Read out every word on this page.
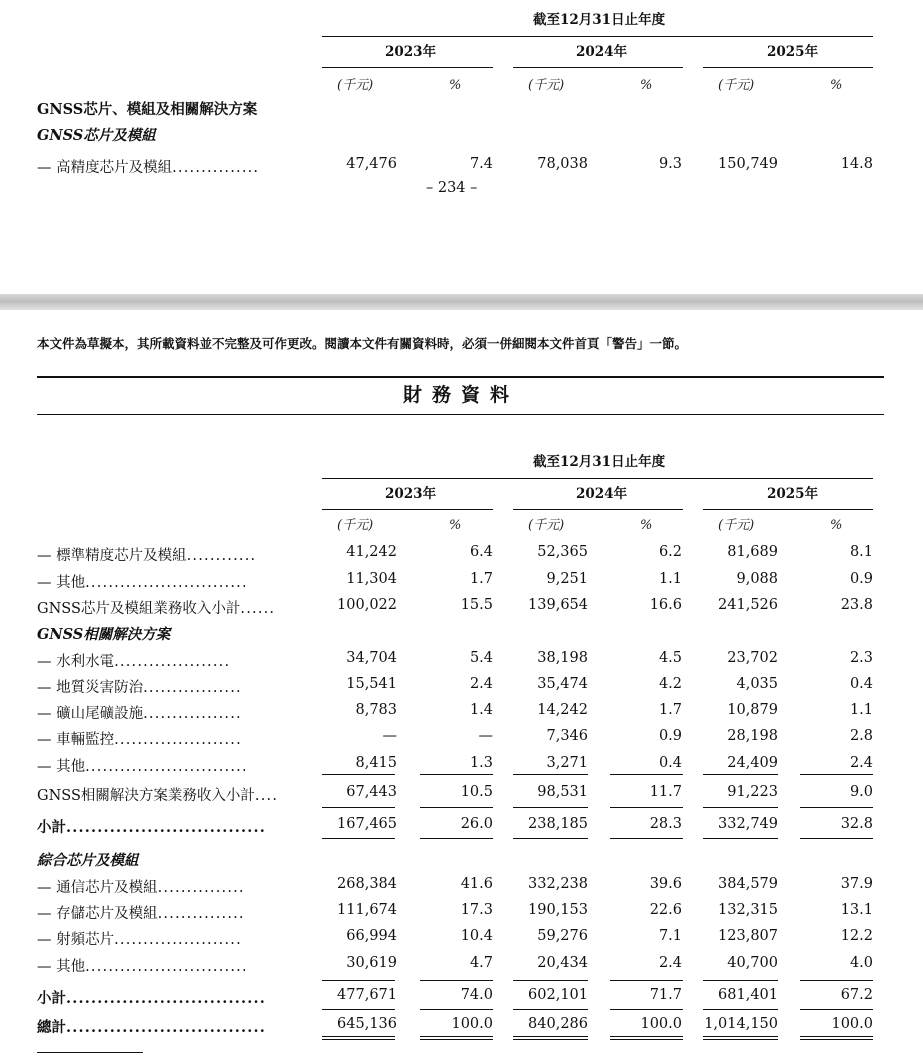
截至12月31日止年度
2023年	2024年	2025年
(千元)	%	(千元)	%	(千元)	%
GNSS芯片、模組及相關解決方案
GNSS芯片及模組
— 高精度芯片及模組...............	47,476	7.4	78,038	9.3 150,749	14.8
– 234 –
本文件為草擬本，其所載資料並不完整及可作更改。閱讀本文件有關資料時，必須一併細閱本文件首頁「警告」一節。
財務資料
截至12月31日止年度
2023年	2024年	2025年
(千元)	%	(千元)	%	(千元)	%
— 標準精度芯片及模組............	41,242	6.4	52,365	6.2	81,689	8.1
— 其他............................	11,304	1.7	9,251	1.1	9,088	0.9
GNSS芯片及模組業務收入小計......	100,022	15.5 139,654	16.6 241,526	23.8
GNSS相關解決方案
— 水利水電....................	34,704	5.4	38,198	4.5	23,702	2.3
— 地質災害防治.................	15,541	2.4	35,474	4.2	4,035	0.4
— 礦山尾礦設施.................	8,783	1.4	14,242	1.7	10,879	1.1
— 車輛監控......................	—	—	7,346	0.9	28,198	2.8
— 其他............................	8,415	1.3	3,271	0.4	24,409	2.4
GNSS相關解決方案業務收入小計....	67,443	10.5	98,531	11.7	91,223	9.0
小計................................	167,465	26.0 238,185	28.3 332,749	32.8
綜合芯片及模組
— 通信芯片及模組...............	268,384	41.6 332,238	39.6 384,579	37.9
— 存儲芯片及模組...............	111,674	17.3 190,153	22.6 132,315	13.1
— 射頻芯片......................	66,994	10.4	59,276	7.1 123,807	12.2
— 其他............................	30,619	4.7	20,434	2.4	40,700	4.0
小計................................	477,671	74.0 602,101	71.7 681,401	67.2
總計................................	645,136	100.0 840,286	100.0 1,014,150	100.0
